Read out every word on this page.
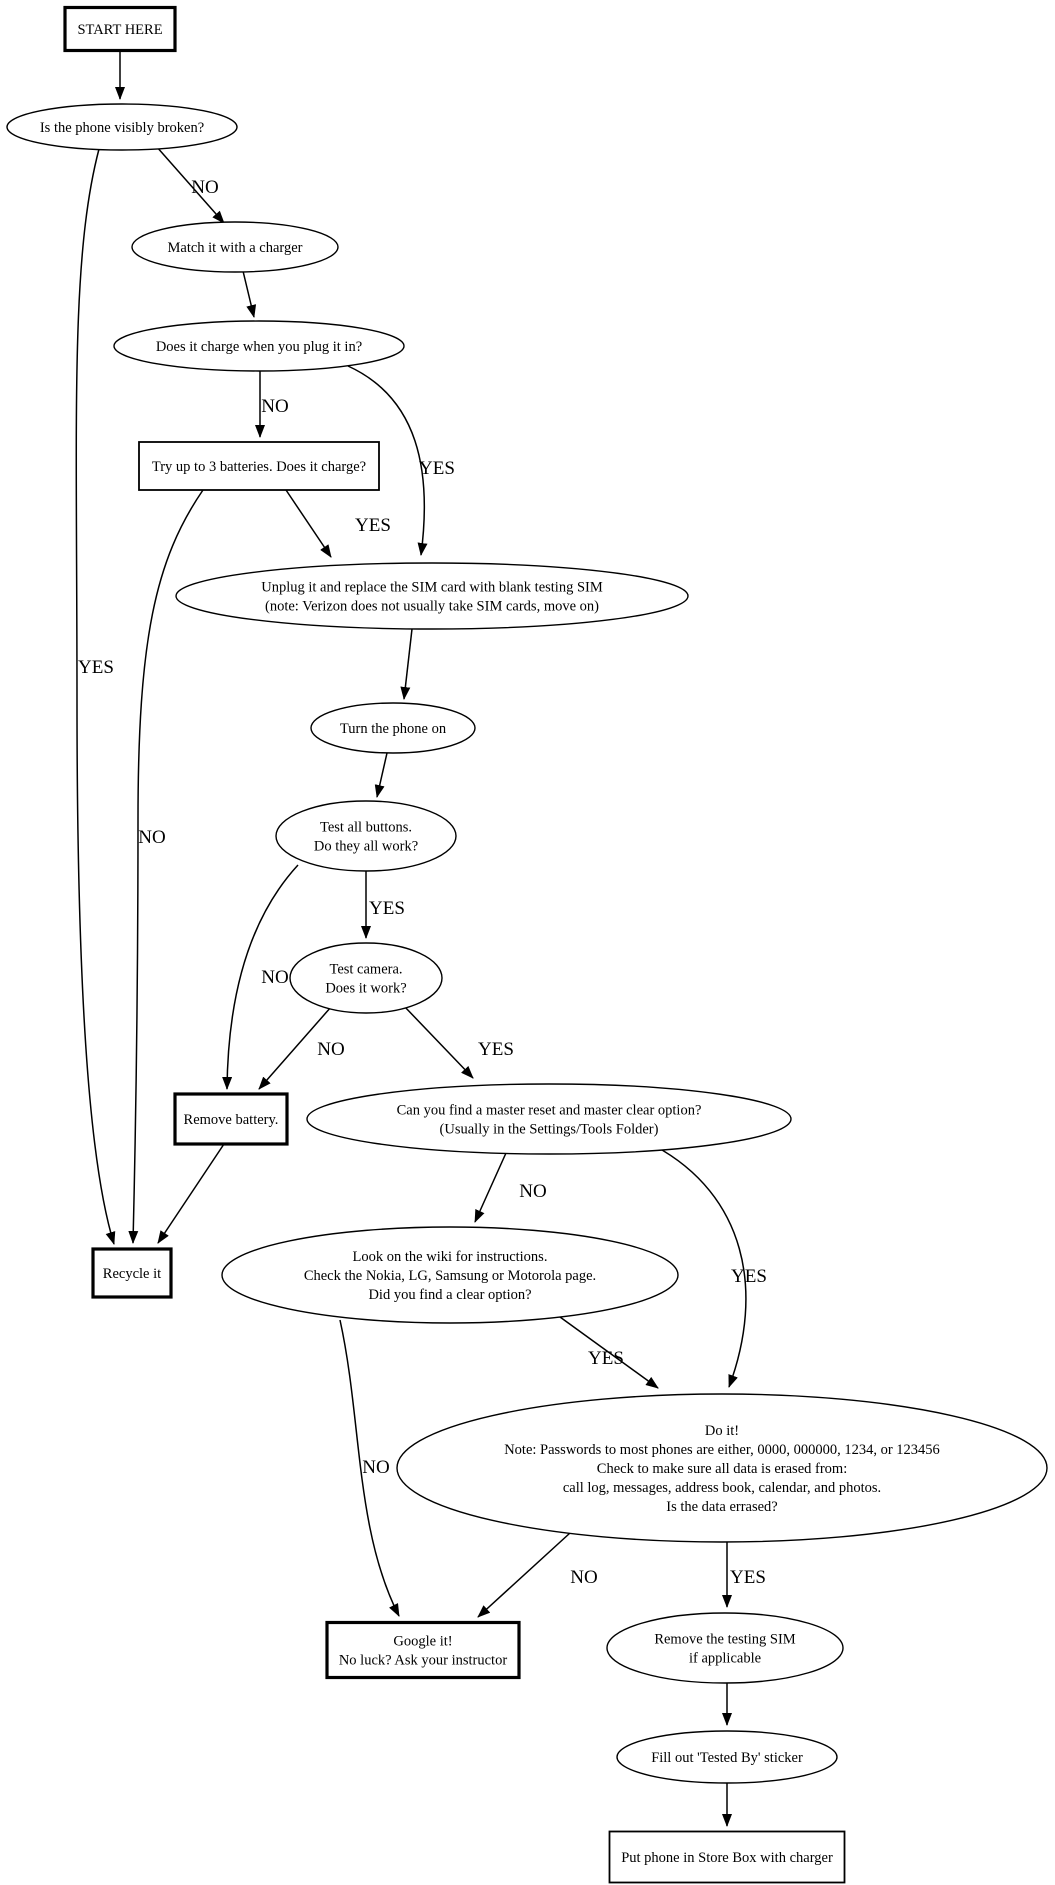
NO
YES
NO
YES
YES
NO
YES
NO
NO	YES
NO
YES
YES
NO
NO	YES
START HERE
Is the phone visibly broken?
Match it with a charger
Does it charge when you plug it in?
Try up to 3 batteries. Does it charge?
Unplug it and replace the SIM card with blank testing SIM
(note: Verizon does not usually take SIM cards, move on)
Turn the phone on
Test all buttons.
Do they all work?
Test camera.
Does it work?
Remove battery.
Can you find a master reset and master clear option?
(Usually in the Settings/Tools Folder)
Recycle it
Look on the wiki for instructions.
Check the Nokia, LG, Samsung or Motorola page.
Did you find a clear option?
Do it!
Note: Passwords to most phones are either, 0000, 000000, 1234, or 123456
Check to make sure all data is erased from:
call log, messages, address book, calendar, and photos.
Is the data errased?
Google it!
No luck? Ask your instructor
Remove the testing SIM
if applicable
Fill out 'Tested By' sticker
Put phone in Store Box with charger
